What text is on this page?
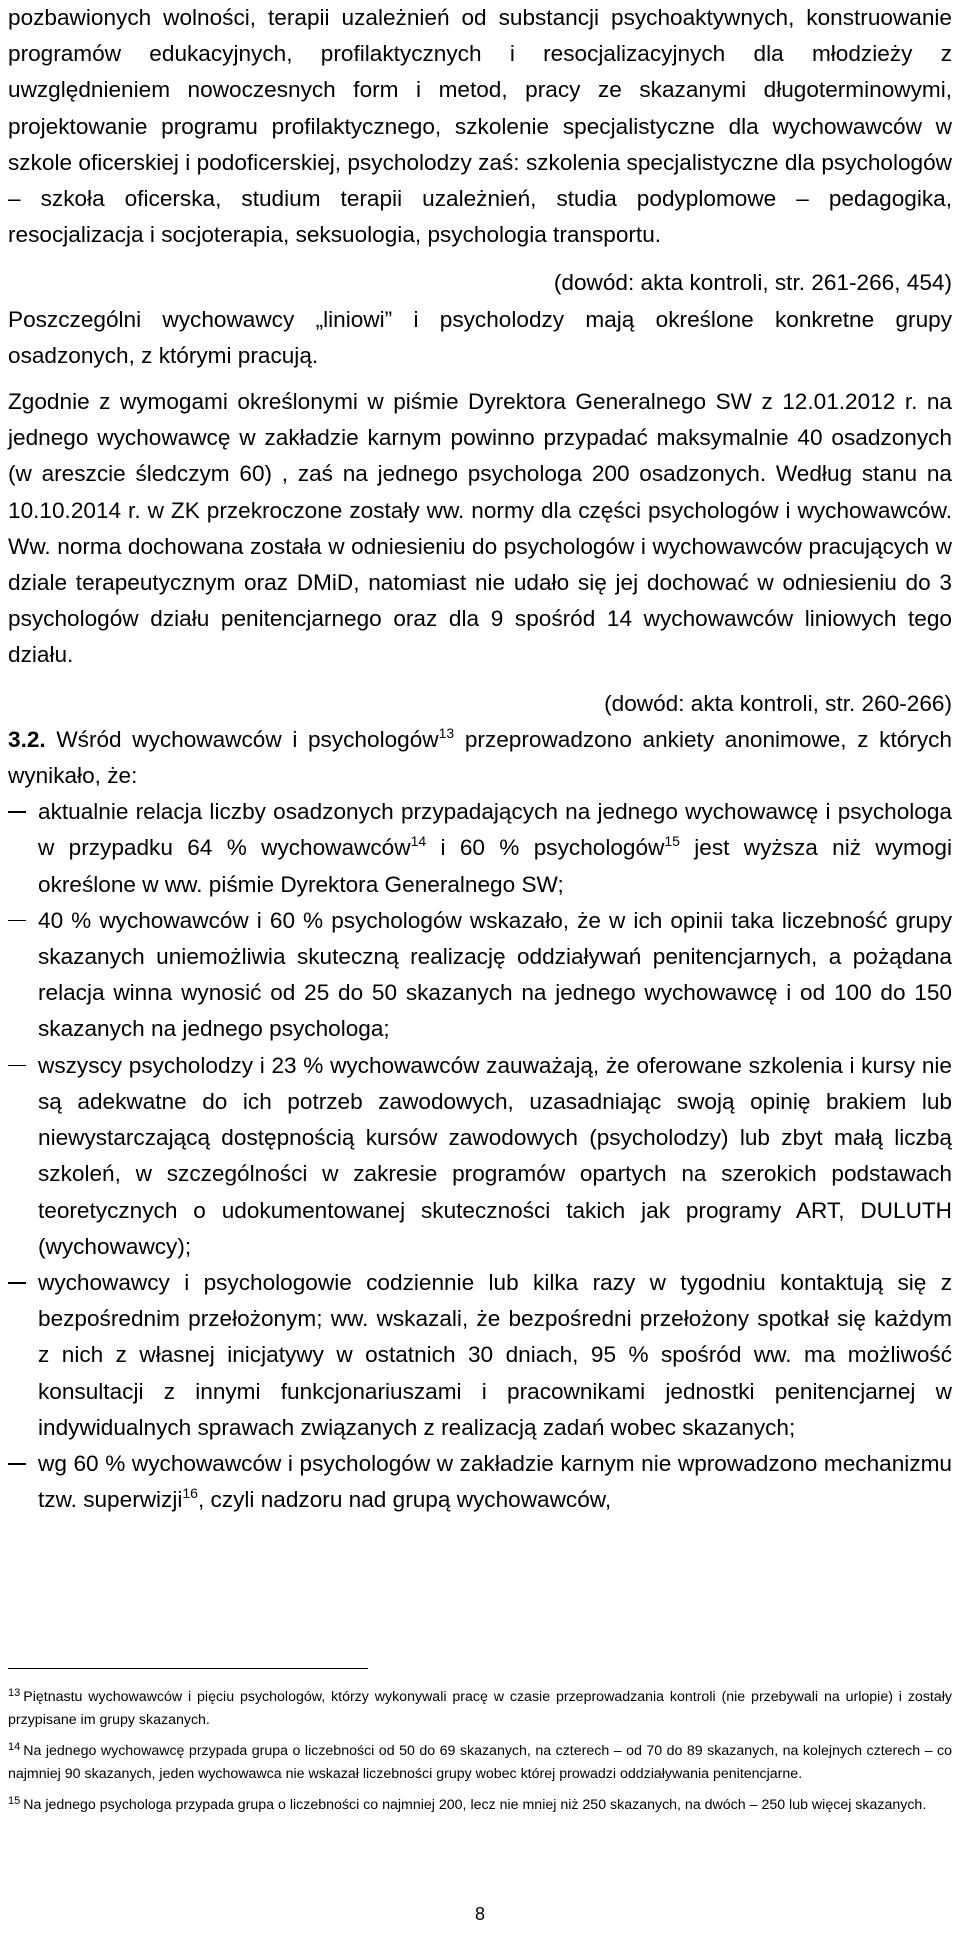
pozbawionych wolności, terapii uzależnień od substancji psychoaktywnych, konstruowanie programów edukacyjnych, profilaktycznych i resocjalizacyjnych dla młodzieży z uwzględnieniem nowoczesnych form i metod, pracy ze skazanymi długoterminowymi, projektowanie programu profilaktycznego, szkolenie specjalistyczne dla wychowawców w szkole oficerskiej i podoficerskiej, psycholodzy zaś: szkolenia specjalistyczne dla psychologów – szkoła oficerska, studium terapii uzależnień, studia podyplomowe – pedagogika, resocjalizacja i socjoterapia, seksuologia, psychologia transportu.

(dowód: akta kontroli, str. 261-266, 454)

Poszczególni wychowawcy „liniowi” i psycholodzy mają określone konkretne grupy osadzonych, z którymi pracują.

Zgodnie z wymogami określonymi w piśmie Dyrektora Generalnego SW z 12.01.2012 r. na jednego wychowawcę w zakładzie karnym powinno przypadać maksymalnie 40 osadzonych (w areszcie śledczym 60) , zaś na jednego psychologa 200 osadzonych. Według stanu na 10.10.2014 r. w ZK przekroczone zostały ww. normy dla części psychologów i wychowawców. Ww. norma dochowana została w odniesieniu do psychologów i wychowawców pracujących w dziale terapeutycznym oraz DMiD, natomiast nie udało się jej dochować w odniesieniu do 3 psychologów działu penitencjarnego oraz dla 9 spośród 14 wychowawców liniowych tego działu.

(dowód: akta kontroli, str. 260-266)

3.2. Wśród wychowawców i psychologów$^{13}$ przeprowadzono ankiety anonimowe, z których wynikało, że:

aktualnie relacja liczby osadzonych przypadających na jednego wychowawcę i psychologa w przypadku 64 % wychowawców$^{14}$ i 60 % psychologów$^{15}$ jest wyższa niż wymogi określone w ww. piśmie Dyrektora Generalnego SW;
40 % wychowawców i 60 % psychologów wskazało, że w ich opinii taka liczebność grupy skazanych uniemożliwia skuteczną realizację oddziaływań penitencjarnych, a pożądana relacja winna wynosić od 25 do 50 skazanych na jednego wychowawcę i od 100 do 150 skazanych na jednego psychologa;
wszyscy psycholodzy i 23 % wychowawców zauważają, że oferowane szkolenia i kursy nie są adekwatne do ich potrzeb zawodowych, uzasadniając swoją opinię brakiem lub niewystarczającą dostępnością kursów zawodowych (psycholodzy) lub zbyt małą liczbą szkoleń, w szczególności w zakresie programów opartych na szerokich podstawach teoretycznych o udokumentowanej skuteczności takich jak programy ART, DULUTH (wychowawcy);
wychowawcy i psychologowie codziennie lub kilka razy w tygodniu kontaktują się z bezpośrednim przełożonym; ww. wskazali, że bezpośredni przełożony spotkał się każdym z nich z własnej inicjatywy w ostatnich 30 dniach, 95 % spośród ww. ma możliwość konsultacji z innymi funkcjonariuszami i pracownikami jednostki penitencjarnej w indywidualnych sprawach związanych z realizacją zadań wobec skazanych;
wg 60 % wychowawców i psychologów w zakładzie karnym nie wprowadzono mechanizmu tzw. superwizji$^{16}$, czyli nadzoru nad grupą wychowawców,

$^{13}$ Piętnastu wychowawców i pięciu psychologów, którzy wykonywali pracę w czasie przeprowadzania kontroli (nie przebywali na urlopie) i zostały przypisane im grupy skazanych.

$^{14}$ Na jednego wychowawcę przypada grupa o liczebności od 50 do 69 skazanych, na czterech – od 70 do 89 skazanych, na kolejnych czterech – co najmniej 90 skazanych, jeden wychowawca nie wskazał liczebności grupy wobec której prowadzi oddziaływania penitencjarne.

$^{15}$ Na jednego psychologa przypada grupa o liczebności co najmniej 200, lecz nie mniej niż 250 skazanych, na dwóch – 250 lub więcej skazanych.

8
